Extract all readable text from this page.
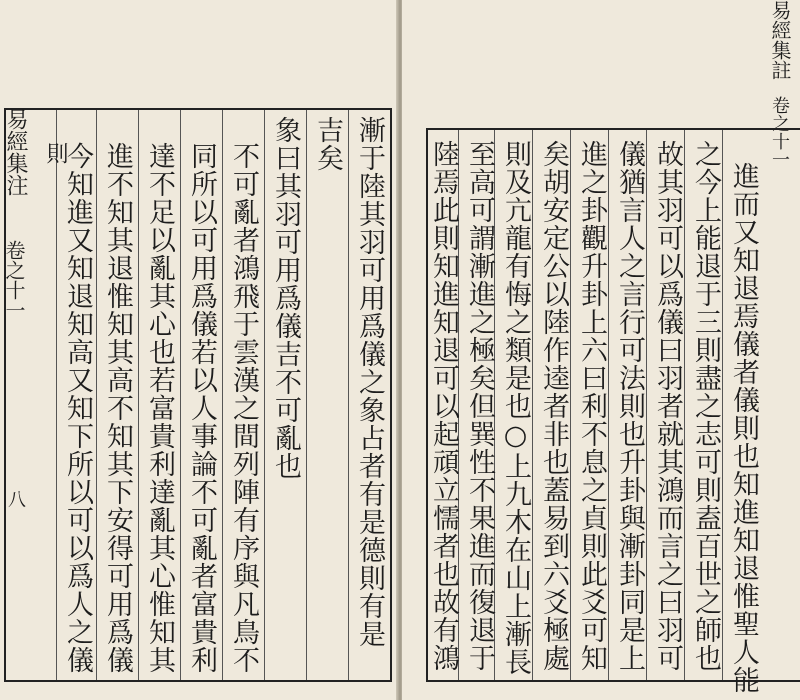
漸于陸其羽可用爲儀之象占者有是德則有是
吉矣
象曰其羽可用爲儀吉不可亂也
不可亂者鴻飛于雲漢之間列陣有序與凡鳥不
同所以可用爲儀若以人事論不可亂者富貴利
達不足以亂其心也若富貴利達亂其心惟知其
進不知其退惟知其高不知其下安得可用爲儀
今知進又知退知高又知下所以可以爲人之儀
則
易經集注
卷之十一
八
易經集註
卷之十一
進而又知退焉儀者儀則也知進知退惟聖人能
之今上能退于三則盡之志可則盍百世之師也
故其羽可以爲儀曰羽者就其鴻而言之曰羽可
儀猶言人之言行可法則也升卦與漸卦同是上
進之卦觀升卦上六曰利不息之貞則此爻可知
矣胡安定公以陸作逵者非也蓋易到六爻極處
則及亢龍有悔之類是也○上九木在山上漸長
至高可謂漸進之極矣但巽性不果進而復退于
陸焉此則知進知退可以起頑立懦者也故有鴻
